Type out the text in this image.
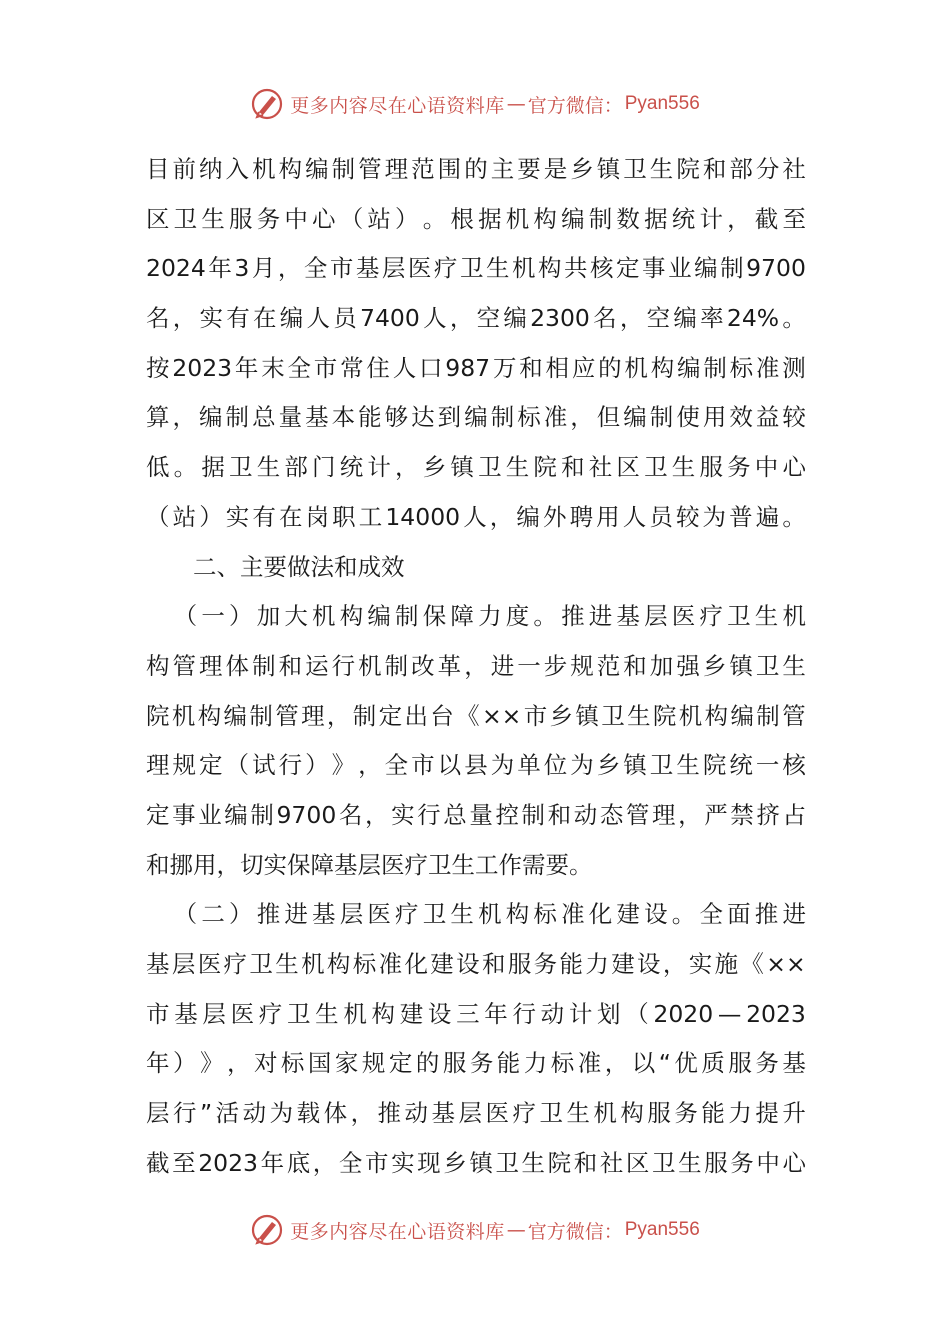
更多内容尽在心语资料库 — 官方微信： Pyan556
目 前 纳 入 机 构 编 制 管 理 范 围 的 主 要 是 乡 镇 卫 生 院 和 部 分 社
区 卫 生 服 务 中 心 （ 站 ） 。 根 据 机 构 编 制 数 据 统 计 ， 截 至
2024 年 3 月 ， 全 市 基 层 医 疗 卫 生 机 构 共 核 定 事 业 编 制 9700
名 ， 实 有 在 编 人 员 7400 人 ， 空 编 2300 名 ， 空 编 率 24% 。
按 2023 年 末 全 市 常 住 人 口 987 万 和 相 应 的 机 构 编 制 标 准 测
算 ， 编 制 总 量 基 本 能 够 达 到 编 制 标 准 ， 但 编 制 使 用 效 益 较
低 。 据 卫 生 部 门 统 计 ， 乡 镇 卫 生 院 和 社 区 卫 生 服 务 中 心
（ 站 ） 实 有 在 岗 职 工 14000 人 ， 编 外 聘 用 人 员 较 为 普 遍 。
　　二、主要做法和成效

（ 一 ） 加 大 机 构 编 制 保 障 力 度 。 推 进 基 层 医 疗 卫 生 机
构 管 理 体 制 和 运 行 机 制 改 革 ， 进 一 步 规 范 和 加 强 乡 镇 卫 生
院 机 构 编 制 管 理 ， 制 定 出 台 《 ×× 市 乡 镇 卫 生 院 机 构 编 制 管
理 规 定 （ 试 行 ） 》 ， 全 市 以 县 为 单 位 为 乡 镇 卫 生 院 统 一 核
定 事 业 编 制 9700 名 ， 实 行 总 量 控 制 和 动 态 管 理 ， 严 禁 挤 占
和挪用，切实保障基层医疗卫生工作需要。

（ 二 ） 推 进 基 层 医 疗 卫 生 机 构 标 准 化 建 设 。 全 面 推 进
基 层 医 疗 卫 生 机 构 标 准 化 建 设 和 服 务 能 力 建 设 ， 实 施 《 ××
市 基 层 医 疗 卫 生 机 构 建 设 三 年 行 动 计 划 （ 2020 — 2023
年 ） 》 ， 对 标 国 家 规 定 的 服 务 能 力 标 准 ， 以 “ 优 质 服 务 基
层 行 ” 活 动 为 载 体 ， 推 动 基 层 医 疗 卫 生 机 构 服 务 能 力 提 升
截 至 2023 年 底 ， 全 市 实 现 乡 镇 卫 生 院 和 社 区 卫 生 服 务 中 心
更多内容尽在心语资料库 — 官方微信： Pyan556
